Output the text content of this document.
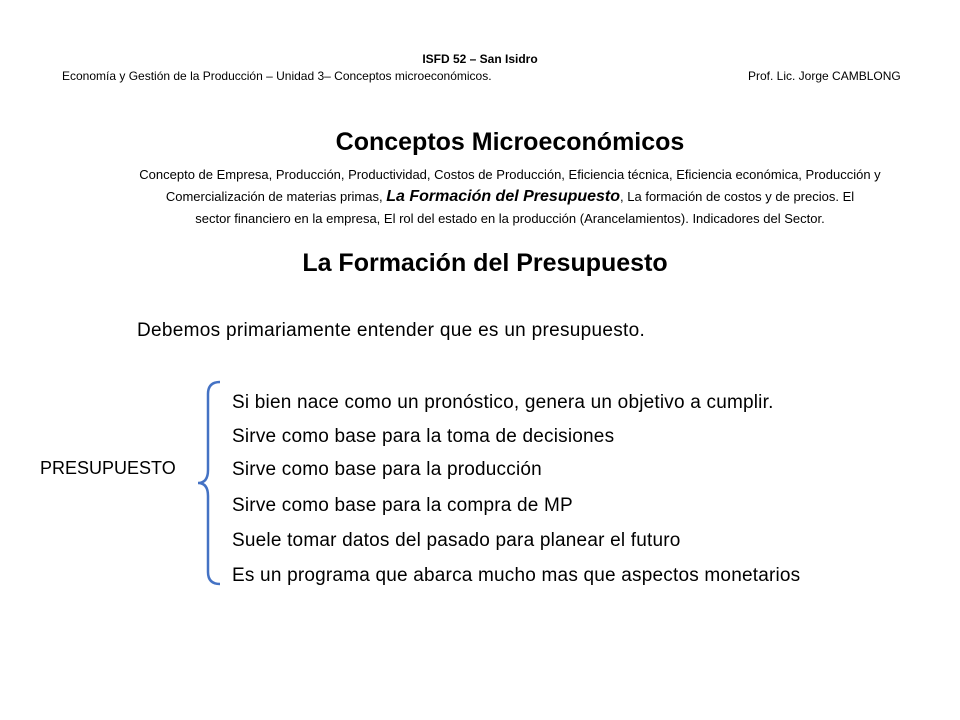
ISFD 52 – San Isidro
Economía y Gestión de la Producción – Unidad 3– Conceptos microeconómicos.	Prof. Lic. Jorge CAMBLONG
Conceptos Microeconómicos
Concepto de Empresa, Producción, Productividad, Costos de Producción, Eficiencia técnica, Eficiencia económica, Producción y
Comercialización de materias primas, La Formación del Presupuesto, La formación de costos y de precios. El
sector financiero en la empresa, El rol del estado en la producción (Arancelamientos). Indicadores del Sector.
La Formación del Presupuesto
Debemos primariamente entender que es un presupuesto.
PRESUPUESTO
Si bien nace como un pronóstico, genera un objetivo a cumplir.
Sirve como base para la toma de decisiones
Sirve como base para la producción
Sirve como base para la compra de MP
Suele tomar datos del pasado para planear el futuro
Es un programa que abarca mucho mas que aspectos monetarios
